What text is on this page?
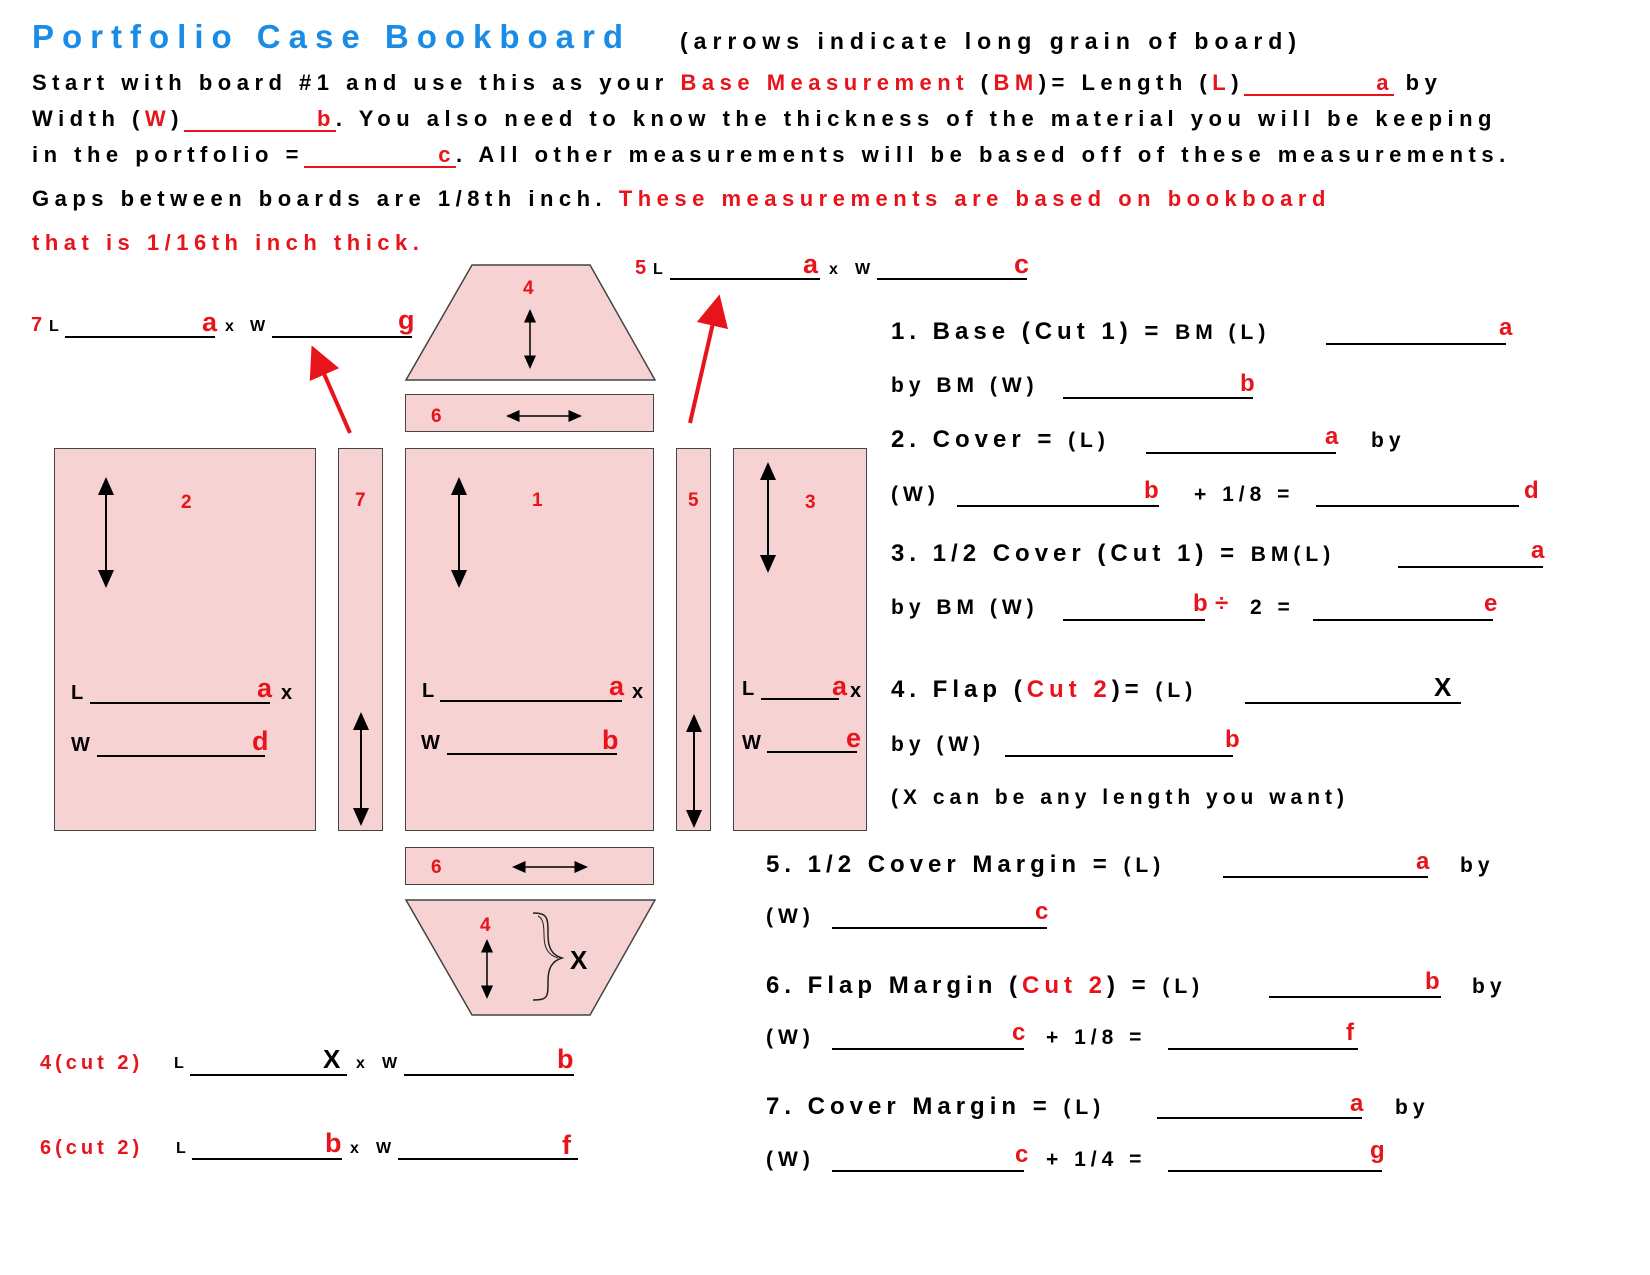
Portfolio Case Bookboard (arrows indicate long grain of board)
Start with board #1 and use this as your Base Measurement (BM)= Length (L)	a by
Width (W)	b. You also need to know the thickness of the material you will be keeping
in the portfolio =	c. All other measurements will be based off of these measurements.
Gaps between boards are 1/8th inch. These measurements are based on bookboard
that is 1/16th inch thick.
2	7	1	5	3
4
6
6
4
X
L	a x
W	d
L	a x
W	b
L	a x
W	e
7 L	a x W	g
5 L	a x W	c
4(cut 2) L	X x W	b
6(cut 2) L	b x W	f
1. Base (Cut 1) = BM (L)	a
by BM (W)	b
2. Cover = (L)	a by
(W)	b + 1/8 =	d
3. 1/2 Cover (Cut 1) = BM(L)	a
by BM (W)	b ÷ 2 =	e
4. Flap (Cut 2)= (L)	X
by (W)	b
(X can be any length you want)
5. 1/2 Cover Margin = (L)	a by
(W)	c
6. Flap Margin (Cut 2) = (L)	b by
(W)	c + 1/8 =	f
7. Cover Margin = (L)	a by
(W)	c + 1/4 =	g
